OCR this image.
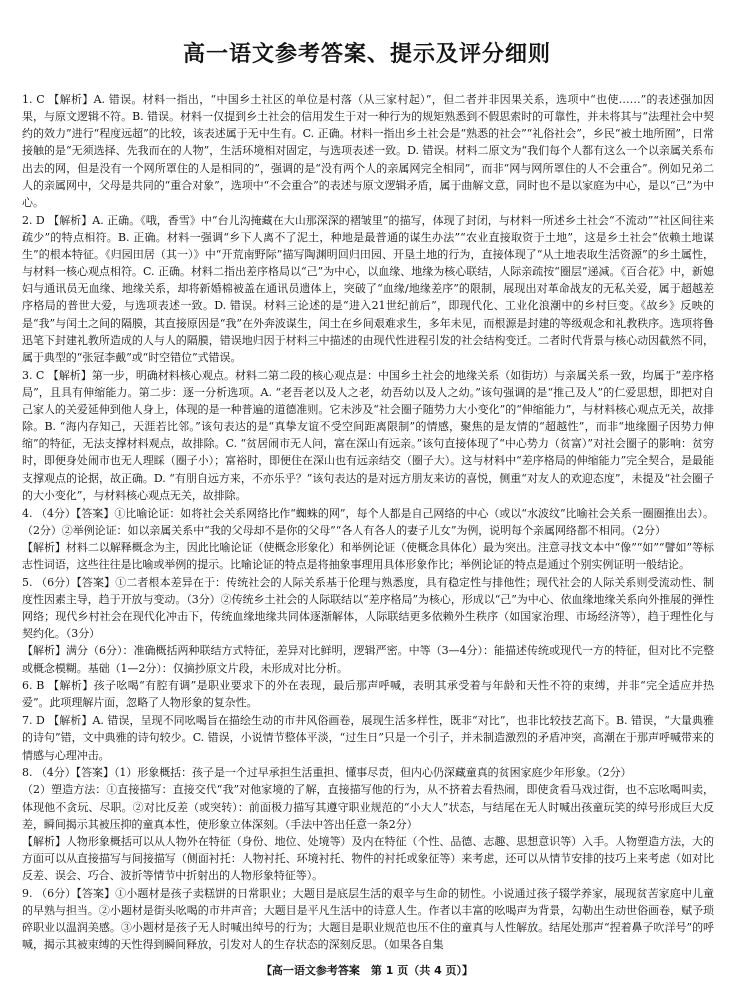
高一语文参考答案、提示及评分细则

1. C 【解析】A. 错误。材料一指出，“中国乡土社区的单位是村落（从三家村起）”，但二者并非因果关系，选项中“也使……”的表述强加因果，与原文逻辑不符。B. 错误。材料一仅提到乡土社会的信用发生于对一种行为的规矩熟悉到不假思索时的可靠性，并未将其与“法理社会中契约的效力”进行“程度远超”的比较，该表述属于无中生有。C. 正确。材料一指出乡土社会是“熟悉的社会”“礼俗社会”，乡民“被土地所囿”，日常接触的是“无须选择、先我而在的人物”，生活环境相对固定，与选项表述一致。D. 错误。材料二原文为“我们每个人都有这么一个以亲属关系布出去的网，但是没有一个网所罩住的人是相同的”，强调的是“没有两个人的亲属网完全相同”，而非“网与网所罩住的人不会重合”。例如兄弟二人的亲属网中，父母是共同的“重合对象”，选项中“不会重合”的表述与原文逻辑矛盾，属于曲解文意，同时也不是以家庭为中心，是以“己”为中心。

2. D 【解析】A. 正确。《哦，香雪》中“台儿沟掩藏在大山那深深的褶皱里”的描写，体现了封闭，与材料一所述乡土社会“不流动”“社区间往来疏少”的特点相符。B. 正确。材料一强调“乡下人离不了泥土，种地是最普通的谋生办法”“农业直接取资于土地”，这是乡土社会“依赖土地谋生”的根本特征。《归园田居（其一）》中“开荒南野际”描写陶渊明回归田园、开垦土地的行为，直接体现了“从土地表取生活资源”的乡土属性，与材料一核心观点相符。C. 正确。材料二指出差序格局以“己”为中心，以血缘、地缘为核心联结，人际亲疏按“圈层”递减。《百合花》中，新媳妇与通讯员无血缘、地缘关系，却将新婚棉被盖在通讯员遗体上，突破了“血缘/地缘差序”的限制，展现出对革命战友的无私关爱，属于超越差序格局的普世大爱，与选项表述一致。D. 错误。材料三论述的是“进入21世纪前后”，即现代化、工业化浪潮中的乡村巨变。《故乡》反映的是“我”与闰土之间的隔膜，其直接原因是“我”在外奔波谋生，闰土在乡间艰难求生，多年未见，而根源是封建的等级观念和礼教秩序。选项将鲁迅笔下封建礼教所造成的人与人的隔膜，错误地归因于材料三中描述的由现代性进程引发的社会结构变迁。二者时代背景与核心动因截然不同，属于典型的“张冠李戴”或“时空错位”式错误。

3. C 【解析】第一步，明确材料核心观点。材料二第二段的核心观点是：中国乡土社会的地缘关系（如街坊）与亲属关系一致，均属于“差序格局”，且具有伸缩能力。第二步：逐一分析选项。A. “老吾老以及人之老，幼吾幼以及人之幼。”该句强调的是“推己及人”的仁爱思想，即把对自己家人的关爱延伸到他人身上，体现的是一种普遍的道德准则。它未涉及“社会圈子随势力大小变化”的“伸缩能力”，与材料核心观点无关，故排除。B. “海内存知己，天涯若比邻。”该句表达的是“真挚友谊不受空间距离限制”的情感，聚焦的是友情的“超越性”，而非“地缘圈子因势力伸缩”的特征，无法支撑材料观点，故排除。C. “贫居闹市无人问，富在深山有远亲。”该句直接体现了“中心势力（贫富）”对社会圈子的影响：贫穷时，即便身处闹市也无人理睬（圈子小）；富裕时，即便住在深山也有远亲结交（圈子大）。这与材料中“差序格局的伸缩能力”完全契合，是最能支撑观点的论据，故正确。D. “有朋自远方来，不亦乐乎？”该句表达的是对远方朋友来访的喜悦，侧重“对友人的欢迎态度”，未提及“社会圈子的大小变化”，与材料核心观点无关，故排除。

4. （4分）【答案】①比喻论证：如将社会关系网络比作“蜘蛛的网”，每个人都是自己网络的中心（或以“水波纹”比喻社会关系一圈圈推出去）。（2分）②举例论证：如以亲属关系中“我的父母却不是你的父母”“各人有各人的妻子儿女”为例，说明每个亲属网络都不相同。（2分）

【解析】材料二以解释概念为主，因此比喻论证（使概念形象化）和举例论证（使概念具体化）最为突出。注意寻找文本中“像”“如”“譬如”等标志性词语，这些往往是比喻或举例的提示。比喻论证的特点是将抽象事理用具体形象作比；举例论证的特点是通过个别实例证明一般结论。

5. （6分）【答案】①二者根本差异在于：传统社会的人际关系基于伦理与熟悉度，具有稳定性与排他性；现代社会的人际关系则受流动性、制度性因素主导，趋于开放与变动。（3分）②传统乡土社会的人际联结以“差序格局”为核心，形成以“己”为中心、依血缘地缘关系向外推展的弹性网络；现代乡村社会在现代化冲击下，传统血缘地缘共同体逐渐解体，人际联结更多依赖外生秩序（如国家治理、市场经济等），趋于理性化与契约化。（3分）

【解析】满分（6分）：准确概括两种联结方式特征，差异对比鲜明，逻辑严密。中等（3—4分）：能描述传统或现代一方的特征，但对比不完整或概念模糊。基础（1—2分）：仅摘抄原文片段，未形成对比分析。

6. B 【解析】孩子吆喝“有腔有调”是职业要求下的外在表现，最后那声呼喊，表明其承受着与年龄和天性不符的束缚，并非“完全适应并热爱”。此项理解片面，忽略了人物形象的复杂性。

7. D 【解析】A. 错误，呈现不同吆喝旨在描绘生动的市井风俗画卷，展现生活多样性，既非“对比”，也非比较技艺高下。B. 错误，“大量典雅的诗句”错，文中典雅的诗句较少。C. 错误，小说情节整体平淡，“过生日”只是一个引子，并未制造激烈的矛盾冲突，高潮在于那声呼喊带来的情感与心理冲击。

8. （4分）【答案】（1）形象概括：孩子是一个过早承担生活重担、懂事尽责，但内心仍深藏童真的贫困家庭少年形象。（2分）

（2）塑造方法：①直接描写：直接交代“我”对他家境的了解，直接描写他的行为，从不挤着去看热闹，即使贪看马戏过街，也不忘吆喝叫卖，体现他不贪玩、尽职。②对比反差（或突转）：前面极力描写其遵守职业规范的“小大人”状态，与结尾在无人时喊出孩童玩笑的绰号形成巨大反差，瞬间揭示其被压抑的童真本性，使形象立体深刻。（手法中答出任意一条2分）

【解析】人物形象概括可以从人物外在特征（身份、地位、处境等）及内在特征（个性、品德、志趣、思想意识等）入手。人物塑造方法，大的方面可以从直接描写与间接描写（侧面衬托：人物衬托、环境衬托、物件的衬托或象征等）来考虑，还可以从情节安排的技巧上来考虑（如对比反差、误会、巧合、波折等情节中折射出的人物形象特征等）。

9. （6分）【答案】①小题材是孩子卖糕饼的日常职业；大题目是底层生活的艰辛与生命的韧性。小说通过孩子辍学养家，展现贫苦家庭中儿童的早熟与担当。②小题材是街头吆喝的市井声音；大题目是平凡生活中的诗意人生。作者以丰富的吆喝声为背景，勾勒出生动世俗画卷，赋予琐碎职业以温润美感。③小题材是孩子无人时喊出绰号的行为；大题目是职业规范也压不住的童真与人性解放。结尾处那声“捏着鼻子吹洋号”的呼喊，揭示其被束缚的天性得到瞬间释放，引发对人的生存状态的深刻反思。（如果各自集

【高一语文参考答案　第 1 页（共 4 页）】
